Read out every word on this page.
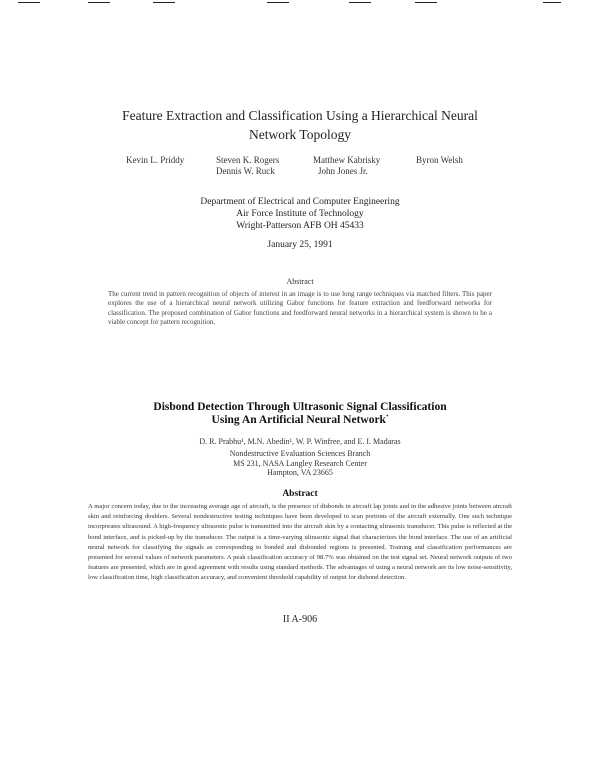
Feature Extraction and Classification Using a Hierarchical Neural Network Topology
Kevin L. Priddy	Steven K. Rogers	Matthew Kabrisky	Byron Welsh
Dennis W. Ruck	John Jones Jr.
Department of Electrical and Computer Engineering
Air Force Institute of Technology
Wright-Patterson AFB OH 45433
January 25, 1991
Abstract
The current trend in pattern recognition of objects of interest in an image is to use long range techniques via matched filters. This paper explores the use of a hierarchical neural network utilizing Gabor functions for feature extraction and feedforward networks for classification. The proposed combination of Gabor functions and feedforward neural networks in a hierarchical system is shown to be a viable concept for pattern recognition.
Disbond Detection Through Ultrasonic Signal Classification
Using An Artificial Neural Network*
D. R. Prabhu¹, M.N. Abedin¹, W. P. Winfree, and E. I. Madaras
Nondestructive Evaluation Sciences Branch
MS 231, NASA Langley Research Center
Hampton, VA 23665
Abstract
A major concern today, due to the increasing average age of aircraft, is the presence of disbonds in aircraft lap joints and in the adhesive joints between aircraft skin and reinforcing doublers. Several nondestructive testing techniques have been developed to scan portions of the aircraft externally. One such technique incorporates ultrasound. A high-frequency ultrasonic pulse is transmitted into the aircraft skin by a contacting ultrasonic transducer. This pulse is reflected at the bond interface, and is picked-up by the transducer. The output is a time-varying ultrasonic signal that characterizes the bond interface. The use of an artificial neural network for classifying the signals as corresponding to bonded and disbonded regions is presented. Training and classification performances are presented for several values of network parameters. A peak classification accuracy of 98.7% was obtained on the test signal set. Neural network outputs of two features are presented, which are in good agreement with results using standard methods. The advantages of using a neural network are its low noise-sensitivity, low classification time, high classification accuracy, and convenient threshold capability of output for disbond detection.
II A-906
